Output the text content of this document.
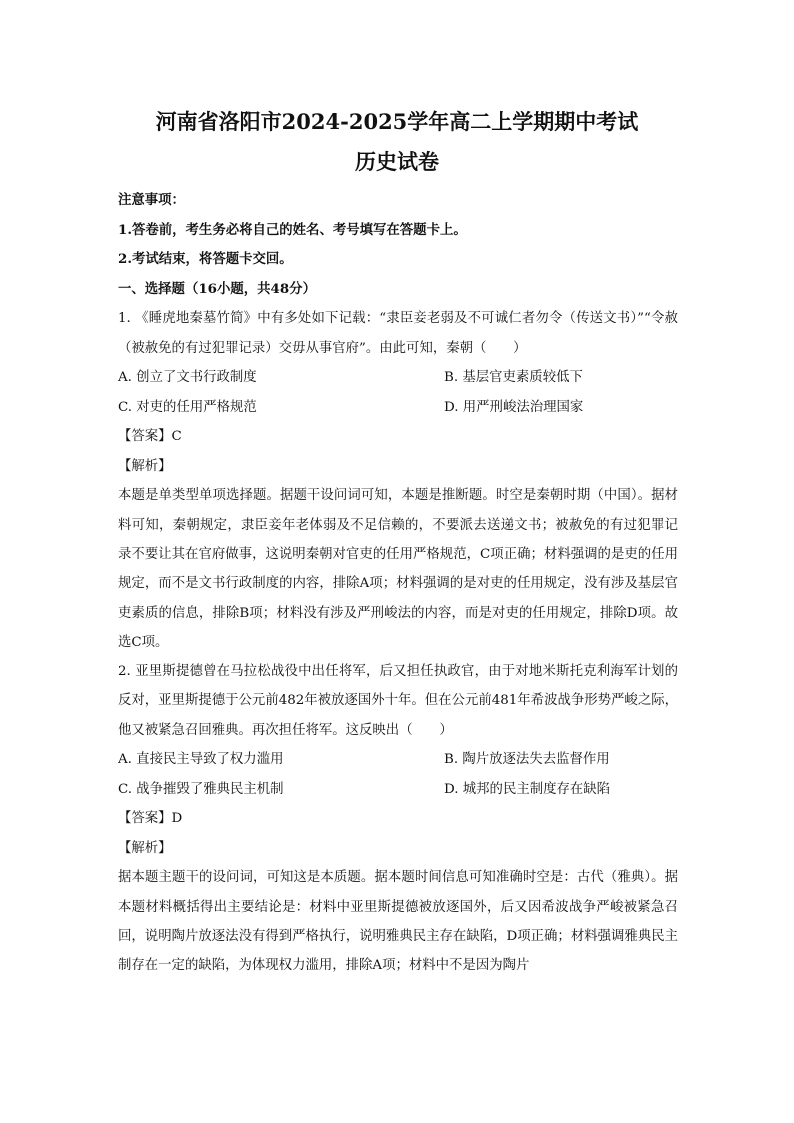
河南省洛阳市2024-2025学年高二上学期期中考试
历史试卷

注意事项：

1.答卷前，考生务必将自己的姓名、考号填写在答题卡上。

2.考试结束，将答题卡交回。

一、选择题（16小题，共48分）

1. 《睡虎地秦墓竹简》中有多处如下记载：“隶臣妾老弱及不可诚仁者勿令（传送文书）”“令赦（被赦免的有过犯罪记录）交毋从事官府”。由此可知，秦朝（　　）

A. 创立了文书行政制度	B. 基层官吏素质较低下
C. 对吏的任用严格规范	D. 用严刑峻法治理国家

【答案】C

【解析】

本题是单类型单项选择题。据题干设问词可知，本题是推断题。时空是秦朝时期（中国）。据材料可知，秦朝规定，隶臣妾年老体弱及不足信赖的，不要派去送递文书；被赦免的有过犯罪记录不要让其在官府做事，这说明秦朝对官吏的任用严格规范，C项正确；材料强调的是吏的任用规定，而不是文书行政制度的内容，排除A项；材料强调的是对吏的任用规定，没有涉及基层官吏素质的信息，排除B项；材料没有涉及严刑峻法的内容，而是对吏的任用规定，排除D项。故选C项。

2. 亚里斯提德曾在马拉松战役中出任将军，后又担任执政官，由于对地米斯托克利海军计划的反对，亚里斯提德于公元前482年被放逐国外十年。但在公元前481年希波战争形势严峻之际，他又被紧急召回雅典。再次担任将军。这反映出（　　）

A. 直接民主导致了权力滥用	B. 陶片放逐法失去监督作用
C. 战争摧毁了雅典民主机制	D. 城邦的民主制度存在缺陷

【答案】D

【解析】

据本题主题干的设问词，可知这是本质题。据本题时间信息可知准确时空是：古代（雅典）。据本题材料概括得出主要结论是：材料中亚里斯提德被放逐国外，后又因希波战争严峻被紧急召回，说明陶片放逐法没有得到严格执行，说明雅典民主存在缺陷，D项正确；材料强调雅典民主制存在一定的缺陷，为体现权力滥用，排除A项；材料中不是因为陶片
